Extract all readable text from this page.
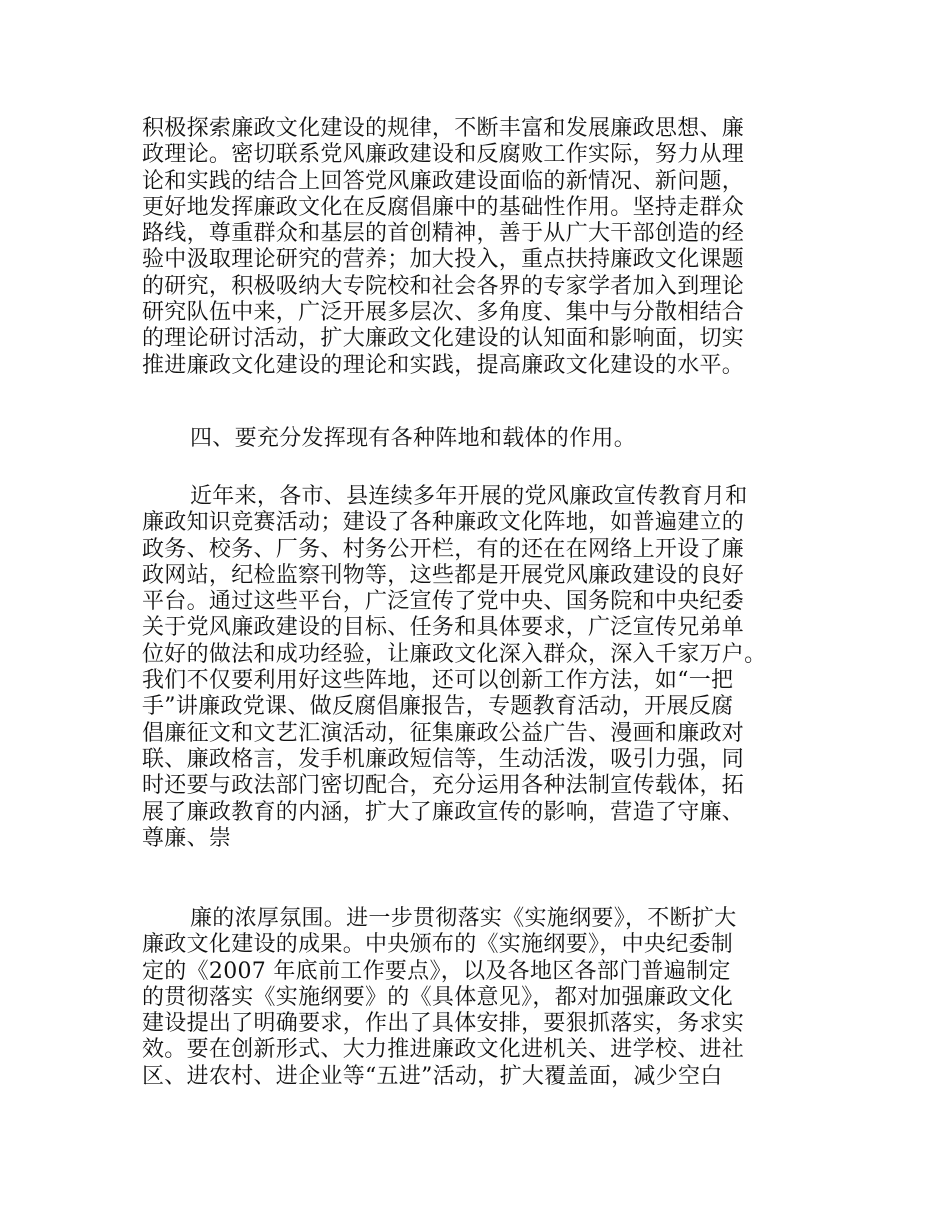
积极探索廉政文化建设的规律，不断丰富和发展廉政思想、廉
政理论。密切联系党风廉政建设和反腐败工作实际，努力从理
论和实践的结合上回答党风廉政建设面临的新情况、新问题，
更好地发挥廉政文化在反腐倡廉中的基础性作用。坚持走群众
路线，尊重群众和基层的首创精神，善于从广大干部创造的经
验中汲取理论研究的营养；加大投入，重点扶持廉政文化课题
的研究，积极吸纳大专院校和社会各界的专家学者加入到理论
研究队伍中来，广泛开展多层次、多角度、集中与分散相结合
的理论研讨活动，扩大廉政文化建设的认知面和影响面，切实
推进廉政文化建设的理论和实践，提高廉政文化建设的水平。
四、要充分发挥现有各种阵地和载体的作用。
近年来，各市、县连续多年开展的党风廉政宣传教育月和
廉政知识竞赛活动；建设了各种廉政文化阵地，如普遍建立的
政务、校务、厂务、村务公开栏，有的还在在网络上开设了廉
政网站，纪检监察刊物等，这些都是开展党风廉政建设的良好
平台。通过这些平台，广泛宣传了党中央、国务院和中央纪委
关于党风廉政建设的目标、任务和具体要求，广泛宣传兄弟单
位好的做法和成功经验，让廉政文化深入群众，深入千家万户。
我们不仅要利用好这些阵地，还可以创新工作方法，如“一把
手”讲廉政党课、做反腐倡廉报告，专题教育活动，开展反腐
倡廉征文和文艺汇演活动，征集廉政公益广告、漫画和廉政对
联、廉政格言，发手机廉政短信等，生动活泼，吸引力强，同
时还要与政法部门密切配合，充分运用各种法制宣传载体，拓
展了廉政教育的内涵，扩大了廉政宣传的影响，营造了守廉、
尊廉、崇
廉的浓厚氛围。进一步贯彻落实《实施纲要》，不断扩大
廉政文化建设的成果。中央颁布的《实施纲要》，中央纪委制
定的《2007 年底前工作要点》，以及各地区各部门普遍制定
的贯彻落实《实施纲要》的《具体意见》，都对加强廉政文化
建设提出了明确要求，作出了具体安排，要狠抓落实，务求实
效。要在创新形式、大力推进廉政文化进机关、进学校、进社
区、进农村、进企业等“五进”活动，扩大覆盖面，减少空白
